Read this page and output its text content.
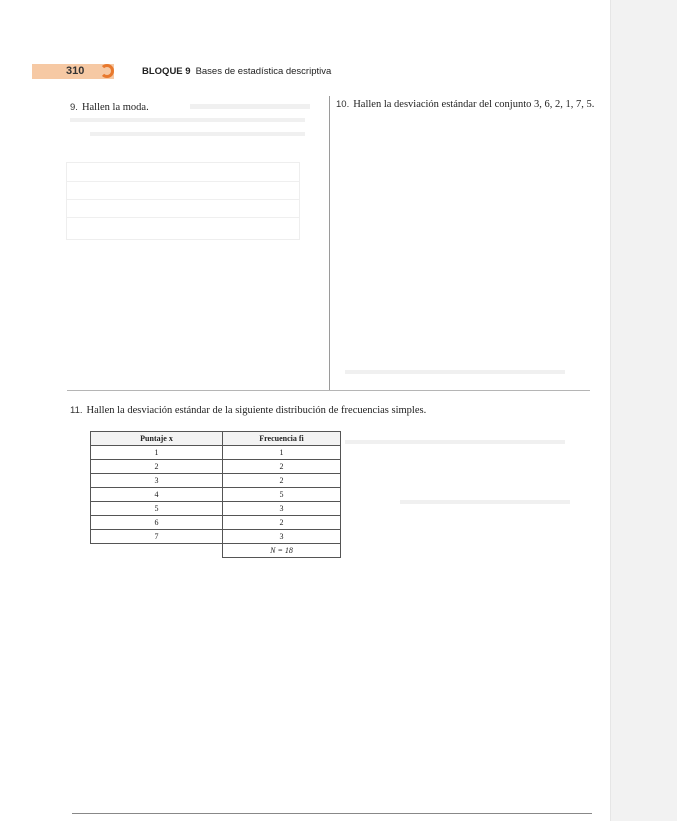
310	BLOQUE 9 Bases de estadística descriptiva
9. Hallen la moda.	10. Hallen la desviación estándar del conjunto 3, 6, 2, 1, 7, 5.
11. Hallen la desviación estándar de la siguiente distribución de frecuencias simples.
Puntaje x	Frecuencia fi
1	1
2	2
3	2
4	5
5	3
6	2
7	3
	N = 18
